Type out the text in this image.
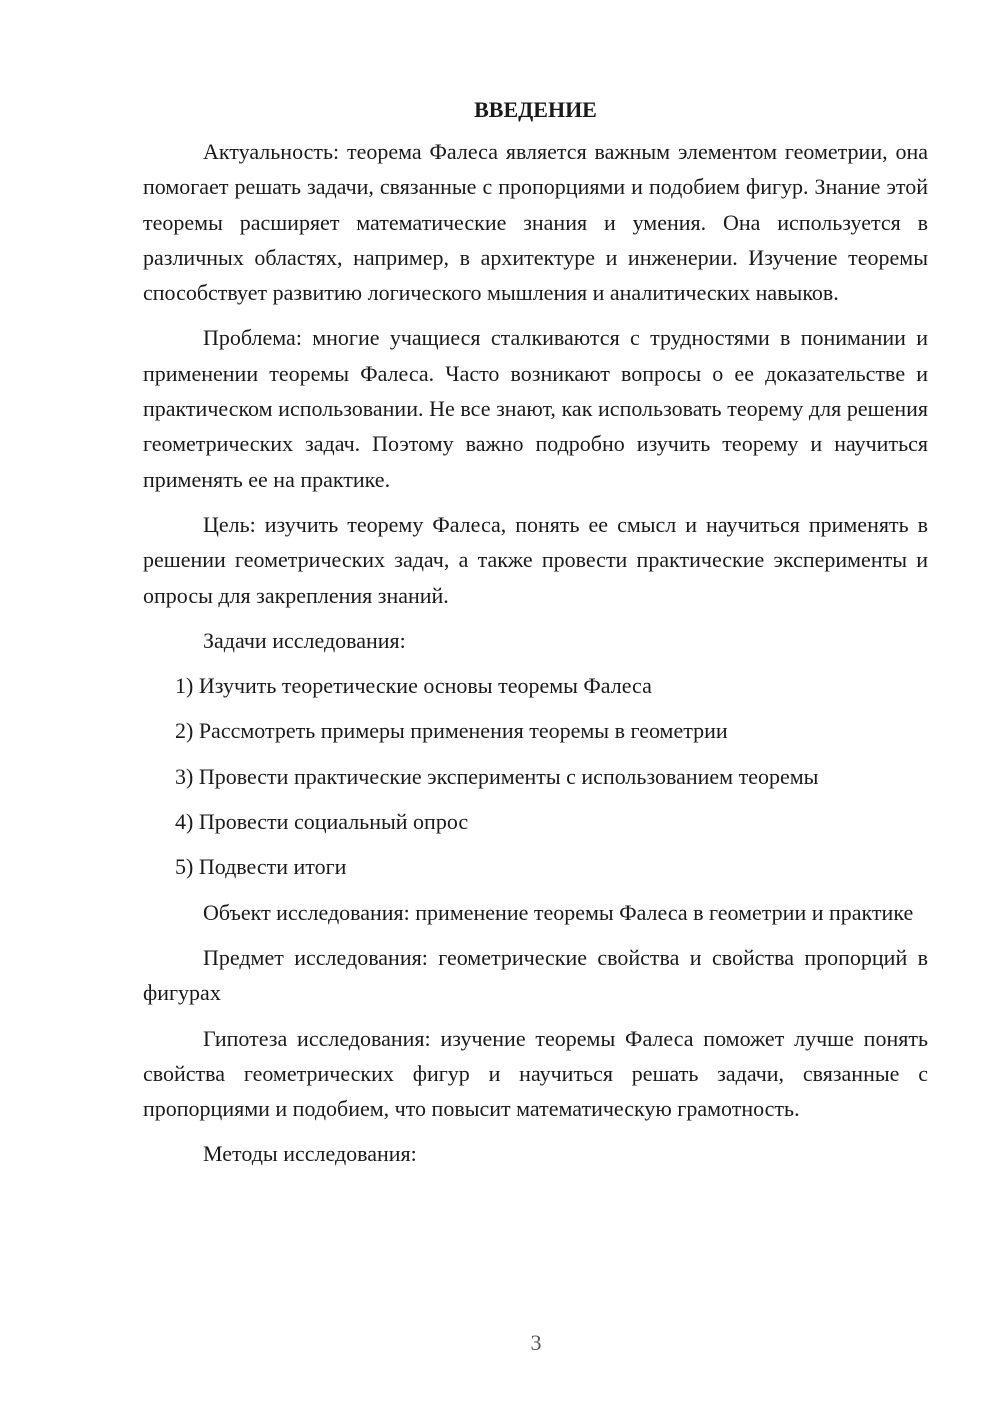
ВВЕДЕНИЕ

Актуальность: теорема Фалеса является важным элементом геометрии, она помогает решать задачи, связанные с пропорциями и подобием фигур. Знание этой теоремы расширяет математические знания и умения. Она используется в различных областях, например, в архитектуре и инженерии. Изучение теоремы способствует развитию логического мышления и аналитических навыков.

Проблема: многие учащиеся сталкиваются с трудностями в понимании и применении теоремы Фалеса. Часто возникают вопросы о ее доказательстве и практическом использовании. Не все знают, как использовать теорему для решения геометрических задач. Поэтому важно подробно изучить теорему и научиться применять ее на практике.

Цель: изучить теорему Фалеса, понять ее смысл и научиться применять в решении геометрических задач, а также провести практические эксперименты и опросы для закрепления знаний.

Задачи исследования:

1) Изучить теоретические основы теоремы Фалеса

2) Рассмотреть примеры применения теоремы в геометрии

3) Провести практические эксперименты с использованием теоремы

4) Провести социальный опрос

5) Подвести итоги

Объект исследования: применение теоремы Фалеса в геометрии и практике

Предмет исследования: геометрические свойства и свойства пропорций в фигурах

Гипотеза исследования: изучение теоремы Фалеса поможет лучше понять свойства геометрических фигур и научиться решать задачи, связанные с пропорциями и подобием, что повысит математическую грамотность.

Методы исследования:

3
